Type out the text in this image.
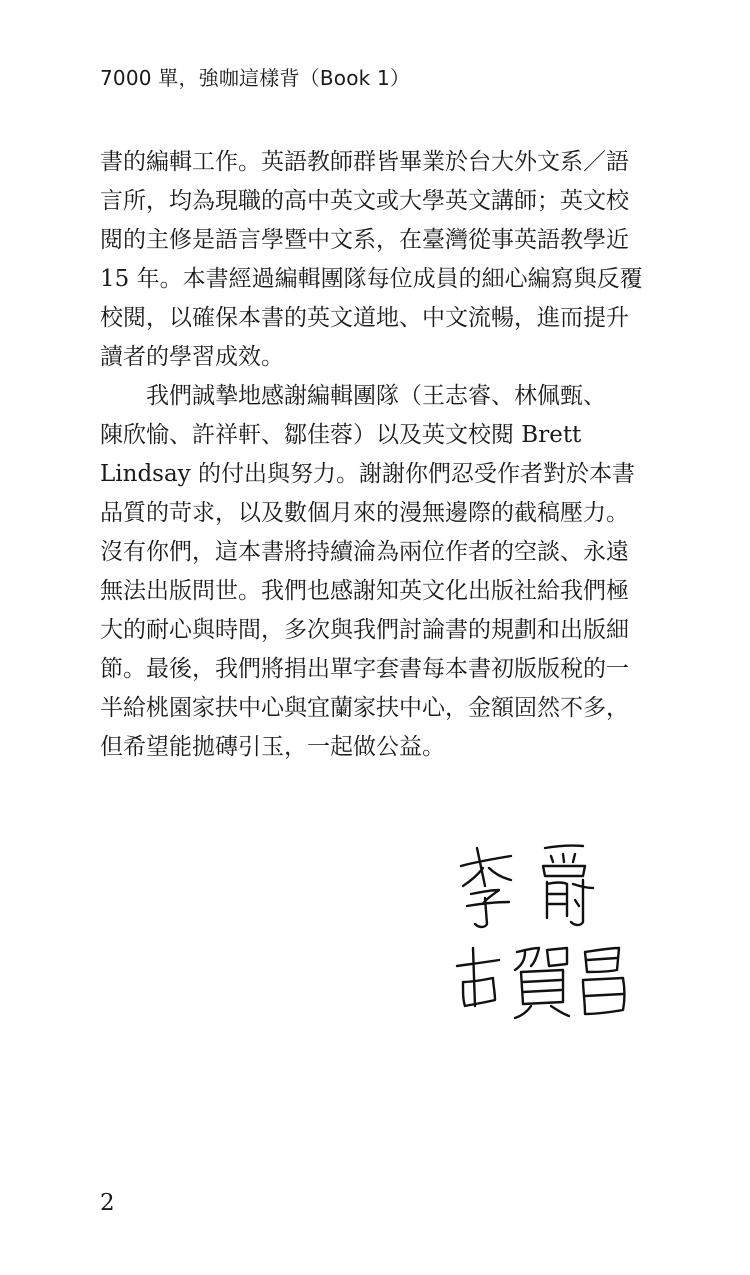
7000 單，強咖這樣背（Book 1）
書的編輯工作。英語教師群皆畢業於台大外文系／語
言所，均為現職的高中英文或大學英文講師；英文校
閱的主修是語言學暨中文系，在臺灣從事英語教學近
15 年。本書經過編輯團隊每位成員的細心編寫與反覆
校閱，以確保本書的英文道地、中文流暢，進而提升
讀者的學習成效。
我們誠摯地感謝編輯團隊（王志睿、林佩甄、
陳欣愉、許祥軒、鄒佳蓉）以及英文校閱 Brett
Lindsay 的付出與努力。謝謝你們忍受作者對於本書
品質的苛求，以及數個月來的漫無邊際的截稿壓力。
沒有你們，這本書將持續淪為兩位作者的空談、永遠
無法出版問世。我們也感謝知英文化出版社給我們極
大的耐心與時間，多次與我們討論書的規劃和出版細
節。最後，我們將捐出單字套書每本書初版版稅的一
半給桃園家扶中心與宜蘭家扶中心，金額固然不多，
但希望能拋磚引玉，一起做公益。
2
